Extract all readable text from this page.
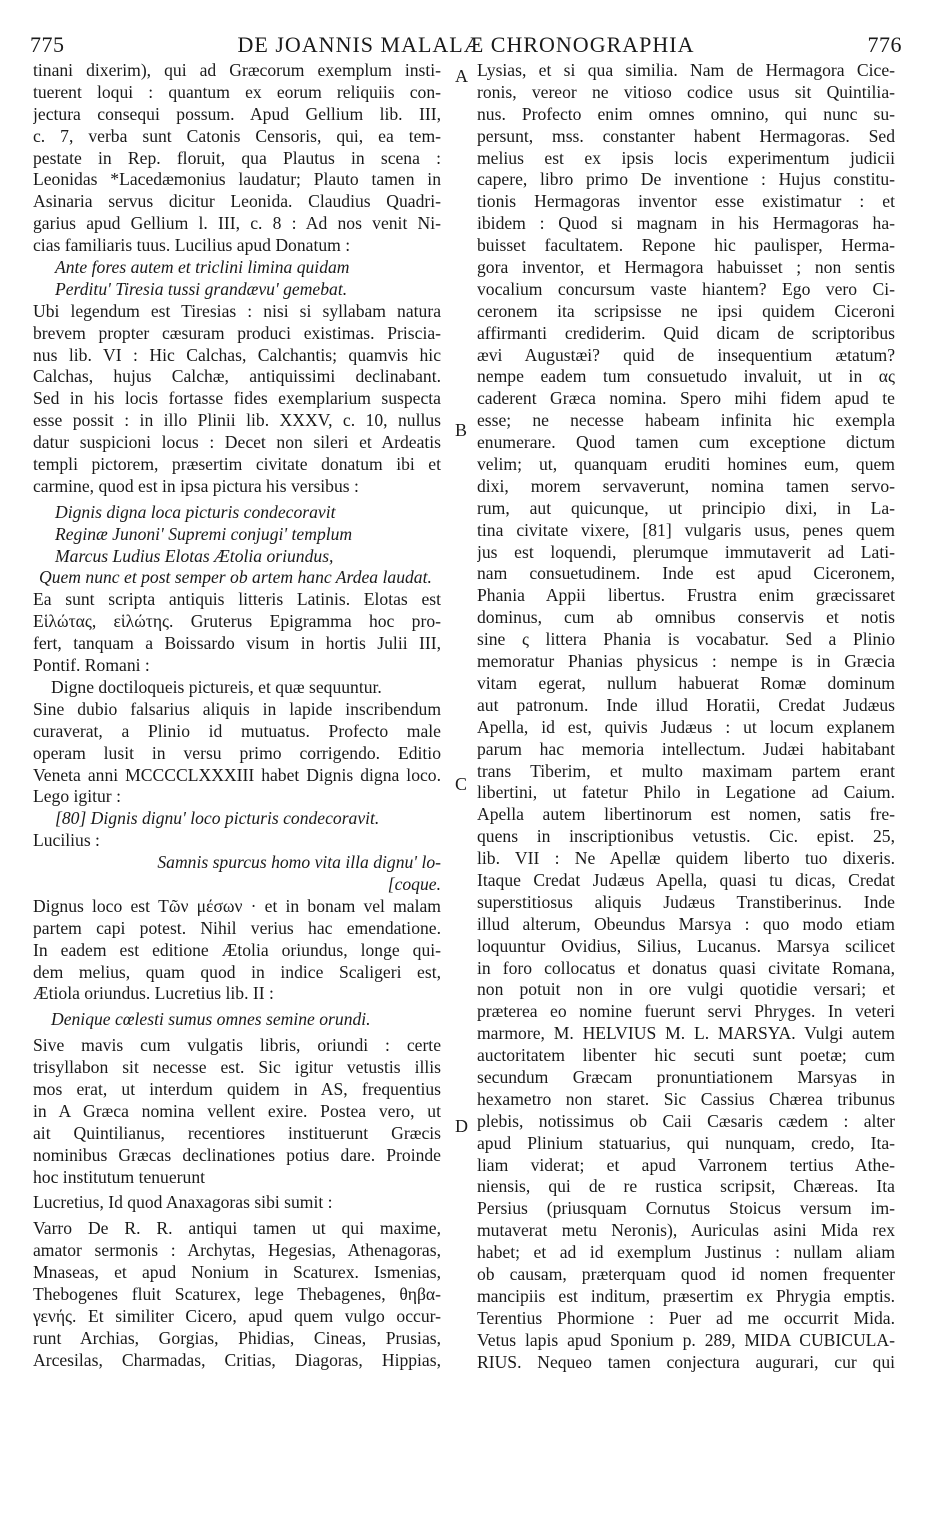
775	DE JOANNIS MALALÆ CHRONOGRAPHIA	776
A
B
C
D
tinani dixerim), qui ad Græcorum exemplum insti-
tuerent loqui : quantum ex eorum reliquiis con-
jectura consequi possum. Apud Gellium lib. III,
c. 7, verba sunt Catonis Censoris, qui, ea tem-
pestate in Rep. floruit, qua Plautus in scena :
Leonidas *Lacedæmonius laudatur; Plauto tamen in
Asinaria servus dicitur Leonida. Claudius Quadri-
garius apud Gellium l. III, c. 8 : Ad nos venit Ni-
cias familiaris tuus. Lucilius apud Donatum :
Ante fores autem et triclini limina quidam
Perditu' Tiresia tussi grandævu' gemebat.
Ubi legendum est Tiresias : nisi si syllabam natura
brevem propter cæsuram produci existimas. Priscia-
nus lib. VI : Hic Calchas, Calchantis; quamvis hic
Calchas, hujus Calchæ, antiquissimi declinabant.
Sed in his locis fortasse fides exemplarium suspecta
esse possit : in illo Plinii lib. XXXV, c. 10, nullus
datur suspicioni locus : Decet non sileri et Ardeatis
templi pictorem, præsertim civitate donatum ibi et
carmine, quod est in ipsa pictura his versibus :
Dignis digna loca picturis condecoravit
Reginæ Junoni' Supremi conjugi' templum
Marcus Ludius Elotas Ætolia oriundus,
Quem nunc et post semper ob artem hanc Ardea laudat.
Ea sunt scripta antiquis litteris Latinis. Elotas est
Εἱλώτας, εἱλώτης. Gruterus Epigramma hoc pro-
fert, tanquam a Boissardo visum in hortis Julii III,
Pontif. Romani :
Digne doctiloqueis pictureis, et quæ sequuntur.
Sine dubio falsarius aliquis in lapide inscribendum
curaverat, a Plinio id mutuatus. Profecto male
operam lusit in versu primo corrigendo. Editio
Veneta anni MCCCCLXXXIII habet Dignis digna loco.
Lego igitur :
[80] Dignis dignu' loco picturis condecoravit.
Lucilius :
Samnis spurcus homo vita illa dignu' lo-
[coque.
Dignus loco est Τῶν μέσων · et in bonam vel malam
partem capi potest. Nihil verius hac emendatione.
In eadem est editione Ætolia oriundus, longe qui-
dem melius, quam quod in indice Scaligeri est,
Ætiola oriundus. Lucretius lib. II :
Denique cœlesti sumus omnes semine orundi.
Sive mavis cum vulgatis libris, oriundi : certe
trisyllabon sit necesse est. Sic igitur vetustis illis
mos erat, ut interdum quidem in AS, frequentius
in A Græca nomina vellent exire. Postea vero, ut
ait Quintilianus, recentiores instituerunt Græcis
nominibus Græcas declinationes potius dare. Proinde
hoc institutum tenuerunt
Lucretius, Id quod Anaxagoras sibi sumit :
Varro De R. R. antiqui tamen ut qui maxime,
amator sermonis : Archytas, Hegesias, Athenagoras,
Mnaseas, et apud Nonium in Scaturex. Ismenias,
Thebogenes fluit Scaturex, lege Thebagenes, θηβα-
γενής. Et similiter Cicero, apud quem vulgo occur-
runt Archias, Gorgias, Phidias, Cineas, Prusias,
Arcesilas, Charmadas, Critias, Diagoras, Hippias,
Lysias, et si qua similia. Nam de Hermagora Cice-
ronis, vereor ne vitioso codice usus sit Quintilia-
nus. Profecto enim omnes omnino, qui nunc su-
persunt, mss. constanter habent Hermagoras. Sed
melius est ex ipsis locis experimentum judicii
capere, libro primo De inventione : Hujus constitu-
tionis Hermagoras inventor esse existimatur : et
ibidem : Quod si magnam in his Hermagoras ha-
buisset facultatem. Repone hic paulisper, Herma-
gora inventor, et Hermagora habuisset ; non sentis
vocalium concursum vaste hiantem? Ego vero Ci-
ceronem ita scripsisse ne ipsi quidem Ciceroni
affirmanti crediderim. Quid dicam de scriptoribus
ævi Augustæi? quid de insequentium ætatum?
nempe eadem tum consuetudo invaluit, ut in ας
caderent Græca nomina. Spero mihi fidem apud te
esse; ne necesse habeam infinita hic exempla
enumerare. Quod tamen cum exceptione dictum
velim; ut, quanquam eruditi homines eum, quem
dixi, morem servaverunt, nomina tamen servo-
rum, aut quicunque, ut principio dixi, in La-
tina civitate vixere, [81] vulgaris usus, penes quem
jus est loquendi, plerumque immutaverit ad Lati-
nam consuetudinem. Inde est apud Ciceronem,
Phania Appii libertus. Frustra enim græcissaret
dominus, cum ab omnibus conservis et notis
sine ς littera Phania is vocabatur. Sed a Plinio
memoratur Phanias physicus : nempe is in Græcia
vitam egerat, nullum habuerat Romæ dominum
aut patronum. Inde illud Horatii, Credat Judæus
Apella, id est, quivis Judæus : ut locum explanem
parum hac memoria intellectum. Judæi habitabant
trans Tiberim, et multo maximam partem erant
libertini, ut fatetur Philo in Legatione ad Caium.
Apella autem libertinorum est nomen, satis fre-
quens in inscriptionibus vetustis. Cic. epist. 25,
lib. VII : Ne Apellæ quidem liberto tuo dixeris.
Itaque Credat Judæus Apella, quasi tu dicas, Credat
superstitiosus aliquis Judæus Transtiberinus. Inde
illud alterum, Obeundus Marsya : quo modo etiam
loquuntur Ovidius, Silius, Lucanus. Marsya scilicet
in foro collocatus et donatus quasi civitate Romana,
non potuit non in ore vulgi quotidie versari; et
præterea eo nomine fuerunt servi Phryges. In veteri
marmore, M. HELVIUS M. L. MARSYA. Vulgi autem
auctoritatem libenter hic secuti sunt poetæ; cum
secundum Græcam pronuntiationem Marsyas in
hexametro non staret. Sic Cassius Chærea tribunus
plebis, notissimus ob Caii Cæsaris cædem : alter
apud Plinium statuarius, qui nunquam, credo, Ita-
liam viderat; et apud Varronem tertius Athe-
niensis, qui de re rustica scripsit, Chæreas. Ita
Persius (priusquam Cornutus Stoicus versum im-
mutaverat metu Neronis), Auriculas asini Mida rex
habet; et ad id exemplum Justinus : nullam aliam
ob causam, præterquam quod id nomen frequenter
mancipiis est inditum, præsertim ex Phrygia emptis.
Terentius Phormione : Puer ad me occurrit Mida.
Vetus lapis apud Sponium p. 289, MIDA CUBICULA-
RIUS. Nequeo tamen conjectura augurari, cur qui
